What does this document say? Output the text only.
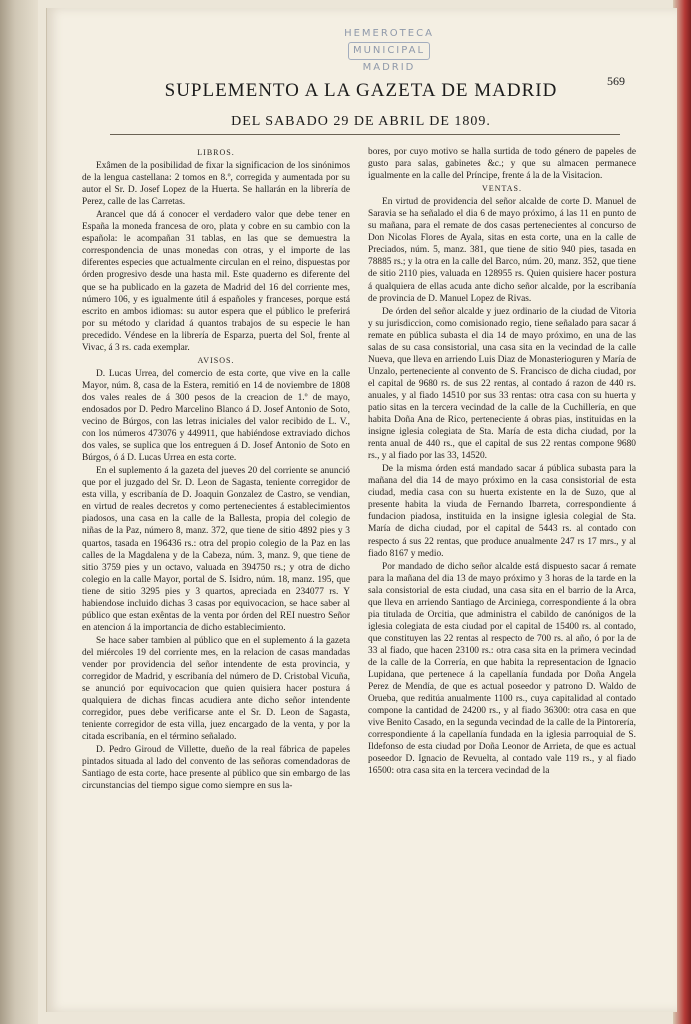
HEMEROTECA
MUNICIPAL
MADRID
569
SUPLEMENTO A LA GAZETA DE MADRID
DEL SABADO 29 DE ABRIL DE 1809.
LIBROS.

Exâmen de la posibilidad de fixar la significacion de los sinónimos de la lengua castellana: 2 tomos en 8.º, corregida y aumentada por su autor el Sr. D. Josef Lopez de la Huerta. Se hallarán en la librería de Perez, calle de las Carretas.

Arancel que dá á conocer el verdadero valor que debe tener en España la moneda francesa de oro, plata y cobre en su cambio con la española: le acompañan 31 tablas, en las que se demuestra la correspondencia de unas monedas con otras, y el importe de las diferentes especies que actualmente circulan en el reino, dispuestas por órden progresivo desde una hasta mil. Este quaderno es diferente del que se ha publicado en la gazeta de Madrid del 16 del corriente mes, número 106, y es igualmente útil á españoles y franceses, porque está escrito en ambos idiomas: su autor espera que el público le preferirá por su método y claridad á quantos trabajos de su especie le han precedido. Véndese en la librería de Esparza, puerta del Sol, frente al Vivac, á 3 rs. cada exemplar.

AVISOS.

D. Lucas Urrea, del comercio de esta corte, que vive en la calle Mayor, núm. 8, casa de la Estera, remitió en 14 de noviembre de 1808 dos vales reales de á 300 pesos de la creacion de 1.º de mayo, endosados por D. Pedro Marcelino Blanco á D. Josef Antonio de Soto, vecino de Búrgos, con las letras iniciales del valor recibido de L. V., con los números 473076 y 449911, que habiéndose extraviado dichos dos vales, se suplica que los entreguen á D. Josef Antonio de Soto en Búrgos, ó á D. Lucas Urrea en esta corte.

En el suplemento á la gazeta del jueves 20 del corriente se anunció que por el juzgado del Sr. D. Leon de Sagasta, teniente corregidor de esta villa, y escribanía de D. Joaquin Gonzalez de Castro, se vendian, en virtud de reales decretos y como pertenecientes á establecimientos piadosos, una casa en la calle de la Ballesta, propia del colegio de niñas de la Paz, número 8, manz. 372, que tiene de sitio 4892 pies y 3 quartos, tasada en 196436 rs.: otra del propio colegio de la Paz en las calles de la Magdalena y de la Cabeza, núm. 3, manz. 9, que tiene de sitio 3759 pies y un octavo, valuada en 394750 rs.; y otra de dicho colegio en la calle Mayor, portal de S. Isidro, núm. 18, manz. 195, que tiene de sitio 3295 pies y 3 quartos, apreciada en 234077 rs. Y habiendose incluido dichas 3 casas por equivocacion, se hace saber al público que estan exêntas de la venta por órden del REI nuestro Señor en atencion á la importancia de dicho establecimiento.

Se hace saber tambien al público que en el suplemento á la gazeta del miércoles 19 del corriente mes, en la relacion de casas mandadas vender por providencia del señor intendente de esta provincia, y corregidor de Madrid, y escribanía del número de D. Cristobal Vicuña, se anunció por equivocacion que quien quisiera hacer postura á qualquiera de dichas fincas acudiera ante dicho señor intendente corregidor, pues debe verificarse ante el Sr. D. Leon de Sagasta, teniente corregidor de esta villa, juez encargado de la venta, y por la citada escribanía, en el término señalado.

D. Pedro Giroud de Villette, dueño de la real fábrica de papeles pintados situada al lado del convento de las señoras comendadoras de Santiago de esta corte, hace presente al público que sin embargo de las circunstancias del tiempo sigue como siempre en sus la-

bores, por cuyo motivo se halla surtida de todo género de papeles de gusto para salas, gabinetes &c.; y que su almacen permanece igualmente en la calle del Príncipe, frente á la de la Visitacion.

VENTAS.

En virtud de providencia del señor alcalde de corte D. Manuel de Saravia se ha señalado el dia 6 de mayo próximo, á las 11 en punto de su mañana, para el remate de dos casas pertenecientes al concurso de Don Nicolas Flores de Ayala, sitas en esta corte, una en la calle de Preciados, núm. 5, manz. 381, que tiene de sitio 940 pies, tasada en 78885 rs.; y la otra en la calle del Barco, núm. 20, manz. 352, que tiene de sitio 2110 pies, valuada en 128955 rs. Quien quisiere hacer postura á qualquiera de ellas acuda ante dicho señor alcalde, por la escribanía de provincia de D. Manuel Lopez de Rivas.

De órden del señor alcalde y juez ordinario de la ciudad de Vitoria y su jurisdiccion, como comisionado regio, tiene señalado para sacar á remate en pública subasta el dia 14 de mayo próximo, en una de las salas de su casa consistorial, una casa sita en la vecindad de la calle Nueva, que lleva en arriendo Luis Diaz de Monasterioguren y María de Unzalo, perteneciente al convento de S. Francisco de dicha ciudad, por el capital de 9680 rs. de sus 22 rentas, al contado á razon de 440 rs. anuales, y al fiado 14510 por sus 33 rentas: otra casa con su huerta y patio sitas en la tercera vecindad de la calle de la Cuchillería, en que habita Doña Ana de Rico, perteneciente á obras pias, instituidas en la insigne iglesia colegiata de Sta. María de esta dicha ciudad, por la renta anual de 440 rs., que el capital de sus 22 rentas compone 9680 rs., y al fiado por las 33, 14520.

De la misma órden está mandado sacar á pública subasta para la mañana del dia 14 de mayo próximo en la casa consistorial de esta ciudad, media casa con su huerta existente en la de Suzo, que al presente habita la viuda de Fernando Ibarreta, correspondiente á fundacion piadosa, instituida en la insigne iglesia colegial de Sta. María de dicha ciudad, por el capital de 5443 rs. al contado con respecto á sus 22 rentas, que produce anualmente 247 rs 17 mrs., y al fiado 8167 y medio.

Por mandado de dicho señor alcalde está dispuesto sacar á remate para la mañana del dia 13 de mayo próximo y 3 horas de la tarde en la sala consistorial de esta ciudad, una casa sita en el barrio de la Arca, que lleva en arriendo Santiago de Arciniega, correspondiente á la obra pia titulada de Orcitia, que administra el cabildo de canónigos de la iglesia colegiata de esta ciudad por el capital de 15400 rs. al contado, que constituyen las 22 rentas al respecto de 700 rs. al año, ó por la de 33 al fiado, que hacen 23100 rs.: otra casa sita en la primera vecindad de la calle de la Correría, en que habita la representacion de Ignacio Lupidana, que pertenece á la capellanía fundada por Doña Angela Perez de Mendía, de que es actual poseedor y patrono D. Waldo de Orueba, que reditúa anualmente 1100 rs., cuya capitalidad al contado compone la cantidad de 24200 rs., y al fiado 36300: otra casa en que vive Benito Casado, en la segunda vecindad de la calle de la Pintorería, correspondiente á la capellanía fundada en la iglesia parroquial de S. Ildefonso de esta ciudad por Doña Leonor de Arrieta, de que es actual poseedor D. Ignacio de Revuelta, al contado vale 119 rs., y al fiado 16500: otra casa sita en la tercera vecindad de la
